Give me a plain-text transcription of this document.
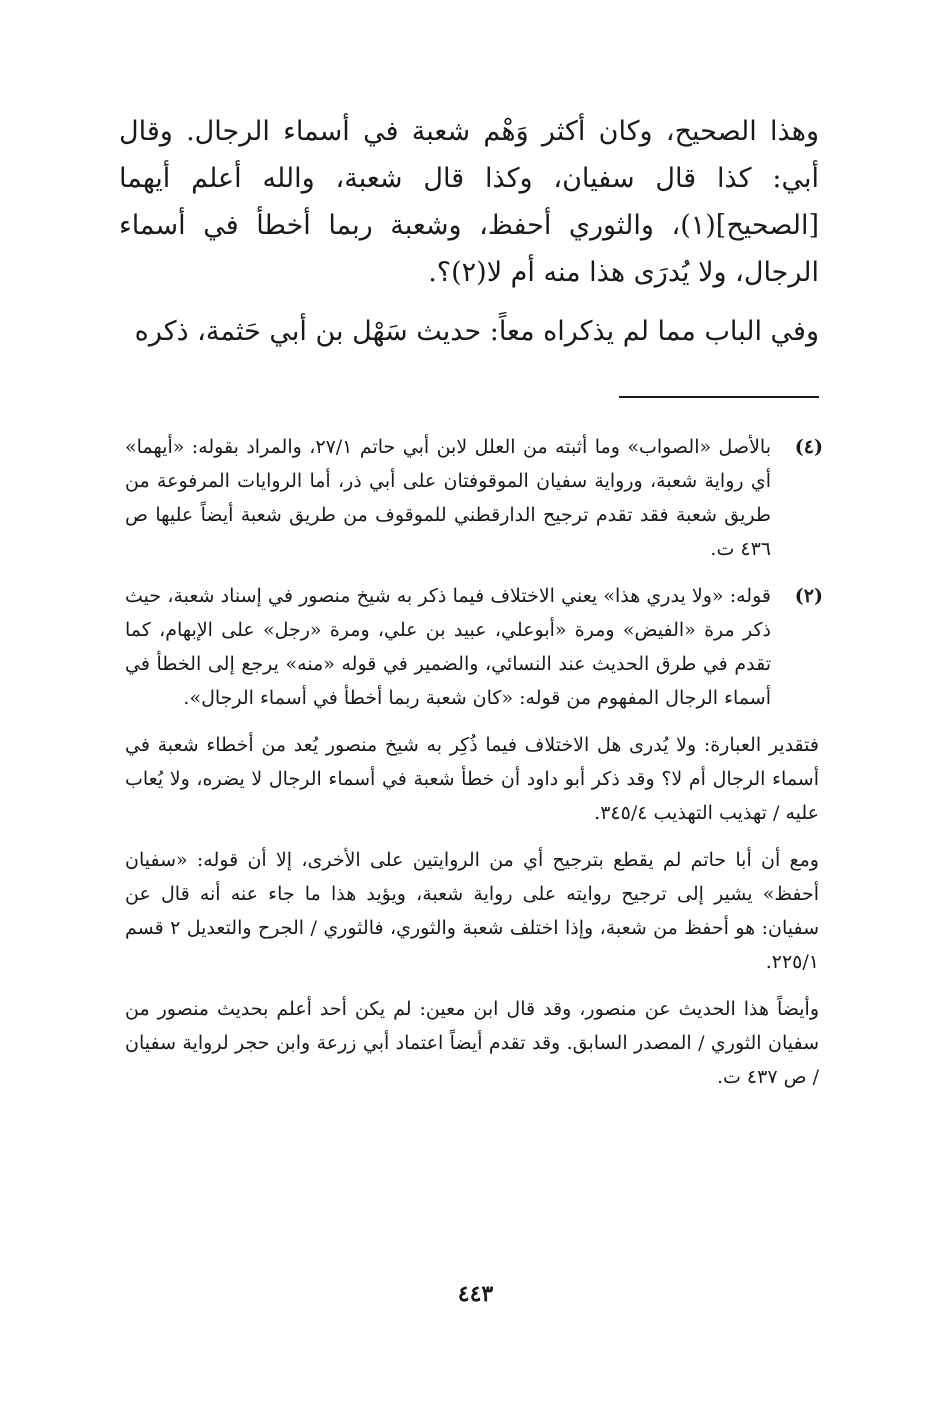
وهذا الصحيح، وكان أكثر وَهْم شعبة في أسماء الرجال. وقال أبي: كذا قال سفيان، وكذا قال شعبة، والله أعلم أيهما [الصحيح](١)، والثوري أحفظ، وشعبة ربما أخطأ في أسماء الرجال، ولا يُدرَى هذا منه أم لا(٢)؟.

وفي الباب مما لم يذكراه معاً: حديث سَهْل بن أبي حَثمة، ذكره

(٤)
بالأصل «الصواب» وما أثبته من العلل لابن أبي حاتم ٢٧/١، والمراد بقوله: «أيهما» أي رواية شعبة، ورواية سفيان الموقوفتان على أبي ذر، أما الروايات المرفوعة من طريق شعبة فقد تقدم ترجيح الدارقطني للموقوف من طريق شعبة أيضاً عليها ص ٤٣٦ ت.
(٢)
قوله: «ولا يدري هذا» يعني الاختلاف فيما ذكر به شيخ منصور في إسناد شعبة، حيث ذكر مرة «الفيض» ومرة «أبوعلي، عبيد بن علي، ومرة «رجل» على الإبهام، كما تقدم في طرق الحديث عند النسائي، والضمير في قوله «منه» يرجع إلى الخطأ في أسماء الرجال المفهوم من قوله: «كان شعبة ربما أخطأ في أسماء الرجال».

فتقدير العبارة: ولا يُدرى هل الاختلاف فيما ذُكِر به شيخ منصور يُعد من أخطاء شعبة في أسماء الرجال أم لا؟ وقد ذكر أبو داود أن خطأ شعبة في أسماء الرجال لا يضره، ولا يُعاب عليه / تهذيب التهذيب ٣٤٥/٤.

ومع أن أبا حاتم لم يقطع بترجيح أي من الروايتين على الأخرى، إلا أن قوله: «سفيان أحفظ» يشير إلى ترجيح روايته على رواية شعبة، ويؤيد هذا ما جاء عنه أنه قال عن سفيان: هو أحفظ من شعبة، وإذا اختلف شعبة والثوري، فالثوري / الجرح والتعديل ٢ قسم ٢٢٥/١.

وأيضاً هذا الحديث عن منصور، وقد قال ابن معين: لم يكن أحد أعلم بحديث منصور من سفيان الثوري / المصدر السابق. وقد تقدم أيضاً اعتماد أبي زرعة وابن حجر لرواية سفيان / ص ٤٣٧ ت.

٤٤٣
